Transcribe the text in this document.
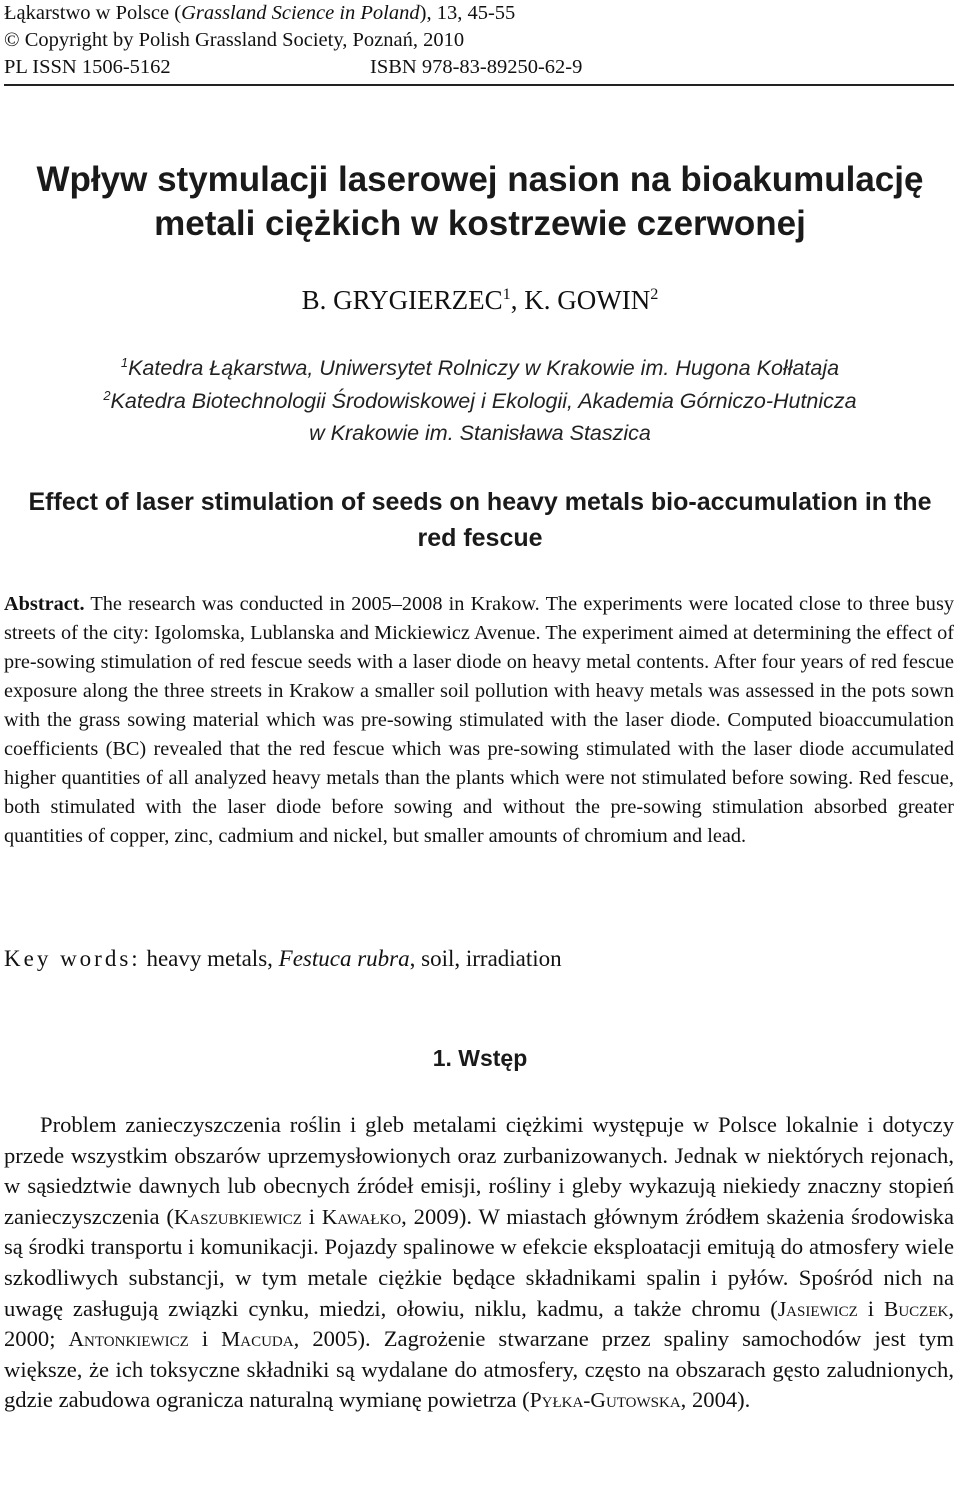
Łąkarstwo w Polsce (Grassland Science in Poland), 13, 45-55
© Copyright by Polish Grassland Society, Poznań, 2010
PL ISSN 1506-5162	ISBN 978-83-89250-62-9
Wpływ stymulacji laserowej nasion na bioakumulację
metali ciężkich w kostrzewie czerwonej
B. GRYGIERZEC$^1$, K. GOWIN$^2$
$^1$Katedra Łąkarstwa, Uniwersytet Rolniczy w Krakowie im. Hugona Kołłataja
$^2$Katedra Biotechnologii Środowiskowej i Ekologii, Akademia Górniczo-Hutnicza
w Krakowie im. Stanisława Staszica
Effect of laser stimulation of seeds on heavy metals bio-accumulation in the
red fescue
Abstract. The research was conducted in 2005–2008 in Krakow. The experiments were located close to three busy streets of the city: Igolomska, Lublanska and Mickiewicz Avenue. The experiment aimed at determining the effect of pre-sowing stimulation of red fescue seeds with a laser diode on heavy metal contents. After four years of red fescue exposure along the three streets in Krakow a smaller soil pollution with heavy metals was assessed in the pots sown with the grass sowing material which was pre-sowing stimulated with the laser diode. Computed bioaccumulation coefficients (BC) revealed that the red fescue which was pre-sowing stimulated with the laser diode accumulated higher quantities of all analyzed heavy metals than the plants which were not stimulated before sowing. Red fescue, both stimulated with the laser diode before sowing and without the pre-sowing stimulation absorbed greater quantities of copper, zinc, cadmium and nickel, but smaller amounts of chromium and lead.
Key words: heavy metals, Festuca rubra, soil, irradiation
1. Wstęp

Problem zanieczyszczenia roślin i gleb metalami ciężkimi występuje w Polsce lokalnie i dotyczy przede wszystkim obszarów uprzemysłowionych oraz zurbanizowanych. Jednak w niektórych rejonach, w sąsiedztwie dawnych lub obecnych źródeł emisji, rośliny i gleby wykazują niekiedy znaczny stopień zanieczyszczenia (Kaszubkiewicz i Kawałko, 2009). W miastach głównym źródłem skażenia środowiska są środki transportu i komunikacji. Pojazdy spalinowe w efekcie eksploatacji emitują do atmosfery wiele szkodliwych substancji, w tym metale ciężkie będące składnikami spalin i pyłów. Spośród nich na uwagę zasługują związki cynku, miedzi, ołowiu, niklu, kadmu, a także chromu (Jasiewicz i Buczek, 2000; Antonkiewicz i Macuda, 2005). Zagrożenie stwarzane przez spaliny samochodów jest tym większe, że ich toksyczne składniki są wydalane do atmosfery, często na obszarach gęsto zaludnionych, gdzie zabudowa ogranicza naturalną wymianę powietrza (Pyłka-Gutowska, 2004).
